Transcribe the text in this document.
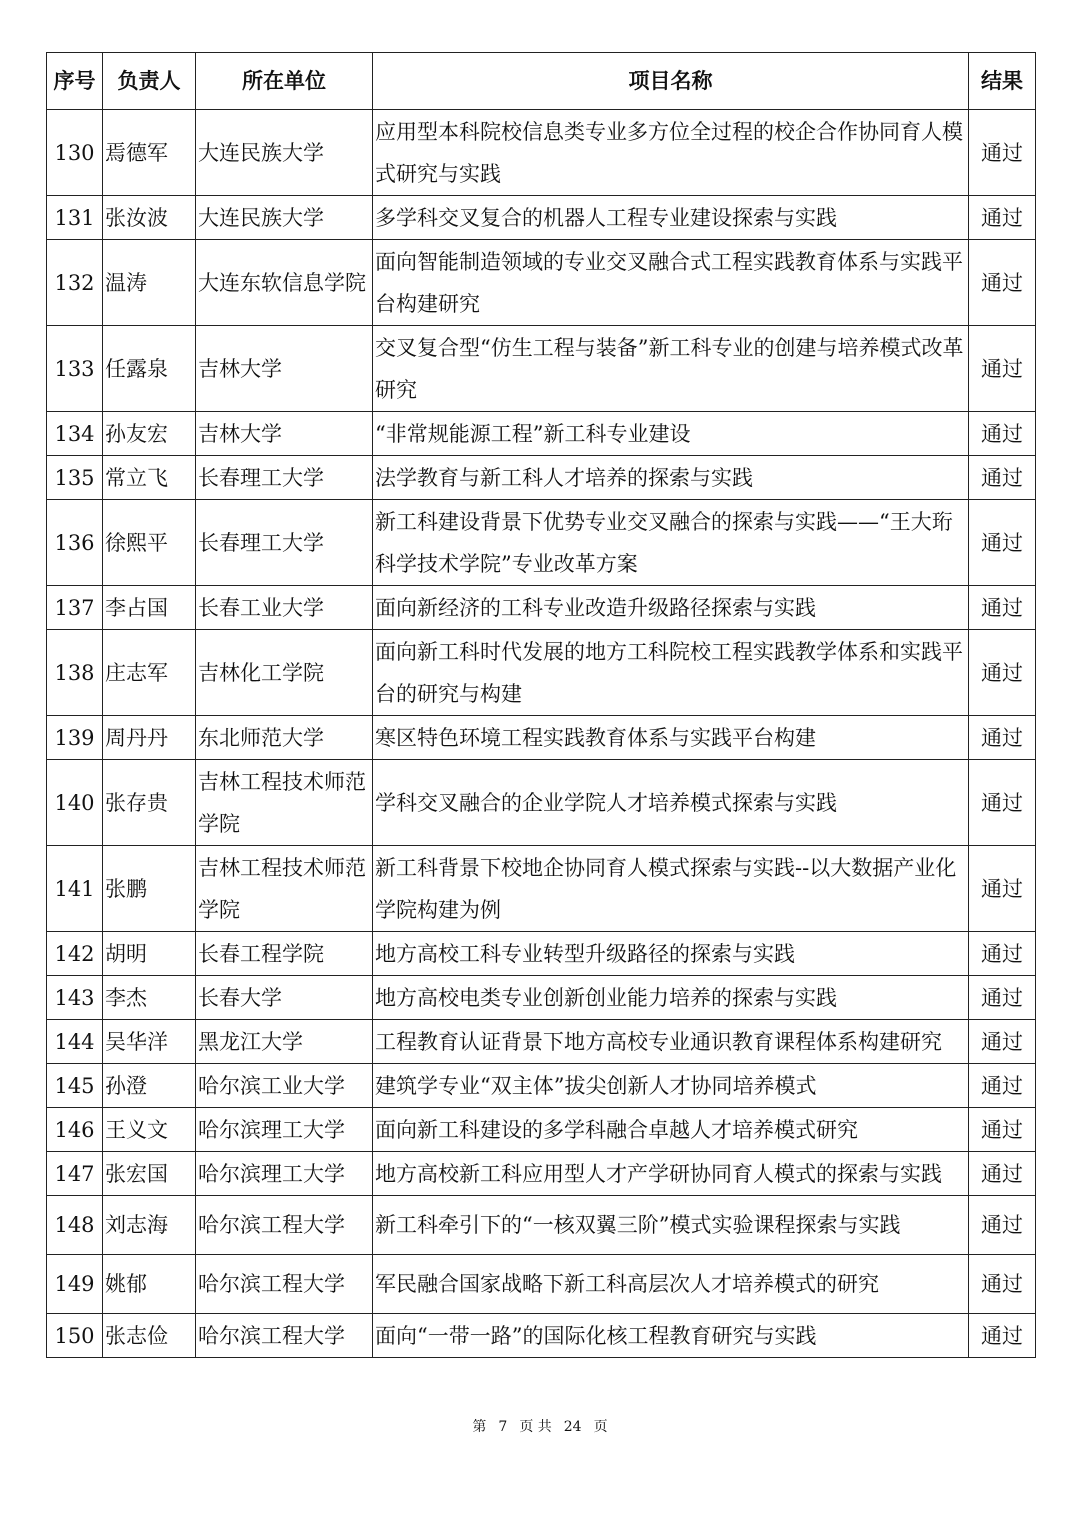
序号	负责人	所在单位	项目名称	结果
130	焉德军	大连民族大学	应用型本科院校信息类专业多方位全过程的校企合作协同育人模式研究与实践	通过
131	张汝波	大连民族大学	多学科交叉复合的机器人工程专业建设探索与实践	通过
132	温涛	大连东软信息学院	面向智能制造领域的专业交叉融合式工程实践教育体系与实践平台构建研究	通过
133	任露泉	吉林大学	交叉复合型“仿生工程与装备”新工科专业的创建与培养模式改革研究	通过
134	孙友宏	吉林大学	“非常规能源工程”新工科专业建设	通过
135	常立飞	长春理工大学	法学教育与新工科人才培养的探索与实践	通过
136	徐熙平	长春理工大学	新工科建设背景下优势专业交叉融合的探索与实践——“王大珩科学技术学院”专业改革方案	通过
137	李占国	长春工业大学	面向新经济的工科专业改造升级路径探索与实践	通过
138	庄志军	吉林化工学院	面向新工科时代发展的地方工科院校工程实践教学体系和实践平台的研究与构建	通过
139	周丹丹	东北师范大学	寒区特色环境工程实践教育体系与实践平台构建	通过
140	张存贵	吉林工程技术师范学院	学科交叉融合的企业学院人才培养模式探索与实践	通过
141	张鹏	吉林工程技术师范学院	新工科背景下校地企协同育人模式探索与实践--以大数据产业化学院构建为例	通过
142	胡明	长春工程学院	地方高校工科专业转型升级路径的探索与实践	通过
143	李杰	长春大学	地方高校电类专业创新创业能力培养的探索与实践	通过
144	吴华洋	黑龙江大学	工程教育认证背景下地方高校专业通识教育课程体系构建研究	通过
145	孙澄	哈尔滨工业大学	建筑学专业“双主体”拔尖创新人才协同培养模式	通过
146	王义文	哈尔滨理工大学	面向新工科建设的多学科融合卓越人才培养模式研究	通过
147	张宏国	哈尔滨理工大学	地方高校新工科应用型人才产学研协同育人模式的探索与实践	通过
148	刘志海	哈尔滨工程大学	新工科牵引下的“一核双翼三阶”模式实验课程探索与实践	通过
149	姚郁	哈尔滨工程大学	军民融合国家战略下新工科高层次人才培养模式的研究	通过
150	张志俭	哈尔滨工程大学	面向“一带一路”的国际化核工程教育研究与实践	通过
第 7 页 共 24 页
